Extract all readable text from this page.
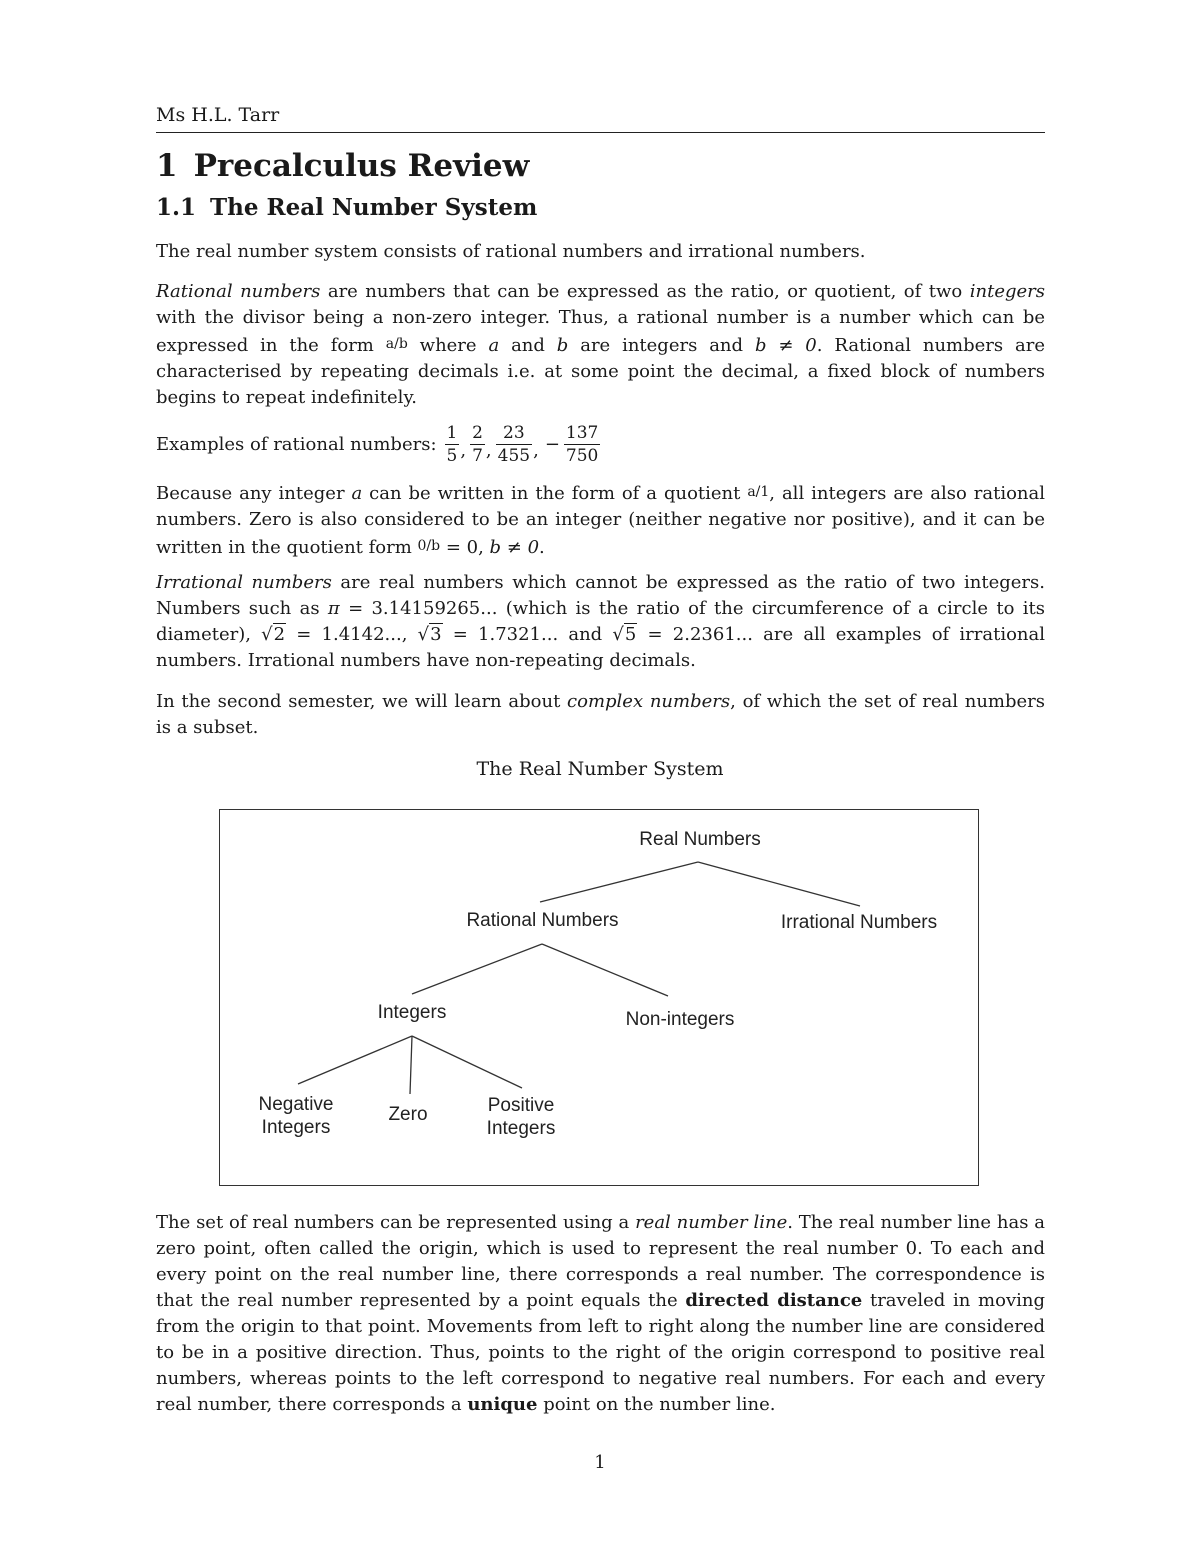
Ms H.L. Tarr
1 Precalculus Review
1.1 The Real Number System

The real number system consists of rational numbers and irrational numbers.

Rational numbers are numbers that can be expressed as the ratio, or quotient, of two integers with the divisor being a non-zero integer. Thus, a rational number is a number which can be expressed in the form a/b where a and b are integers and b ≠ 0. Rational numbers are characterised by repeating decimals i.e. at some point the decimal, a fixed block of numbers begins to repeat indefinitely.

Examples of rational numbers: $\frac{1}{5}$ , $\frac{2}{7}$ , $\frac{23}{455}$ , − $\frac{137}{750}$

Because any integer a can be written in the form of a quotient a/1, all integers are also rational numbers. Zero is also considered to be an integer (neither negative nor positive), and it can be written in the quotient form 0/b = 0, b ≠ 0.

Irrational numbers are real numbers which cannot be expressed as the ratio of two integers. Numbers such as π = 3.14159265... (which is the ratio of the circumference of a circle to its diameter), √2 = 1.4142..., √3 = 1.7321... and √5 = 2.2361... are all examples of irrational numbers. Irrational numbers have non-repeating decimals.

In the second semester, we will learn about complex numbers, of which the set of real numbers is a subset.

The Real Number System
Real Numbers
Rational Numbers	Irrational Numbers
Integers	Non-integers
Negative
Integers
Zero	Positive
Integers

The set of real numbers can be represented using a real number line. The real number line has a zero point, often called the origin, which is used to represent the real number 0. To each and every point on the real number line, there corresponds a real number. The correspondence is that the real number represented by a point equals the directed distance traveled in moving from the origin to that point. Movements from left to right along the number line are considered to be in a positive direction. Thus, points to the right of the origin correspond to positive real numbers, whereas points to the left correspond to negative real numbers. For each and every real number, there corresponds a unique point on the number line.

1
